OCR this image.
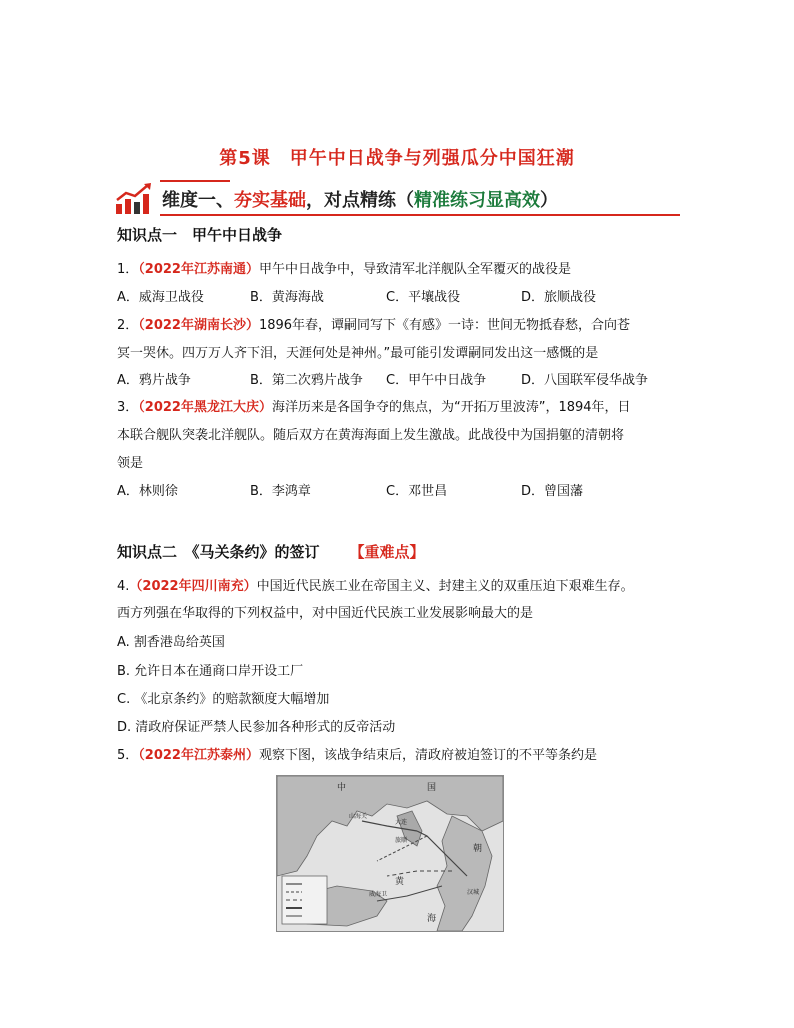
第5课　甲午中日战争与列强瓜分中国狂潮
维度一、夯实基础，对点精练（精准练习显高效）
知识点一　甲午中日战争
1．（2022年江苏南通）甲午中日战争中，导致清军北洋舰队全军覆灭的战役是
A．威海卫战役	B．黄海海战	C．平壤战役	D．旅顺战役
2．（2022年湖南长沙）1896年春，谭嗣同写下《有感》一诗：世间无物抵春愁，合向苍
冥一哭休。四万万人齐下泪，天涯何处是神州。”最可能引发谭嗣同发出这一感慨的是
A．鸦片战争	B．第二次鸦片战争 C．甲午中日战争	D．八国联军侵华战争
3．（2022年黑龙江大庆）海洋历来是各国争夺的焦点，为“开拓万里波涛”，1894年，日
本联合舰队突袭北洋舰队。随后双方在黄海海面上发生激战。此战役中为国捐躯的清朝将
领是
A．林则徐	B．李鸿章	C．邓世昌	D．曾国藩
知识点二　《马关条约》的签订 【重难点】
4.（2022年四川南充）中国近代民族工业在帝国主义、封建主义的双重压迫下艰难生存。
西方列强在华取得的下列权益中，对中国近代民族工业发展影响最大的是
A. 割香港岛给英国
B. 允许日本在通商口岸开设工厂
C. 《北京条约》的赔款额度大幅增加
D. 清政府保证严禁人民参加各种形式的反帝活动
5．（2022年江苏泰州）观察下图，该战争结束后，清政府被迫签订的不平等条约是
中	国
朝
山海关
大连
旅顺
威海卫	汉城
黄
海
